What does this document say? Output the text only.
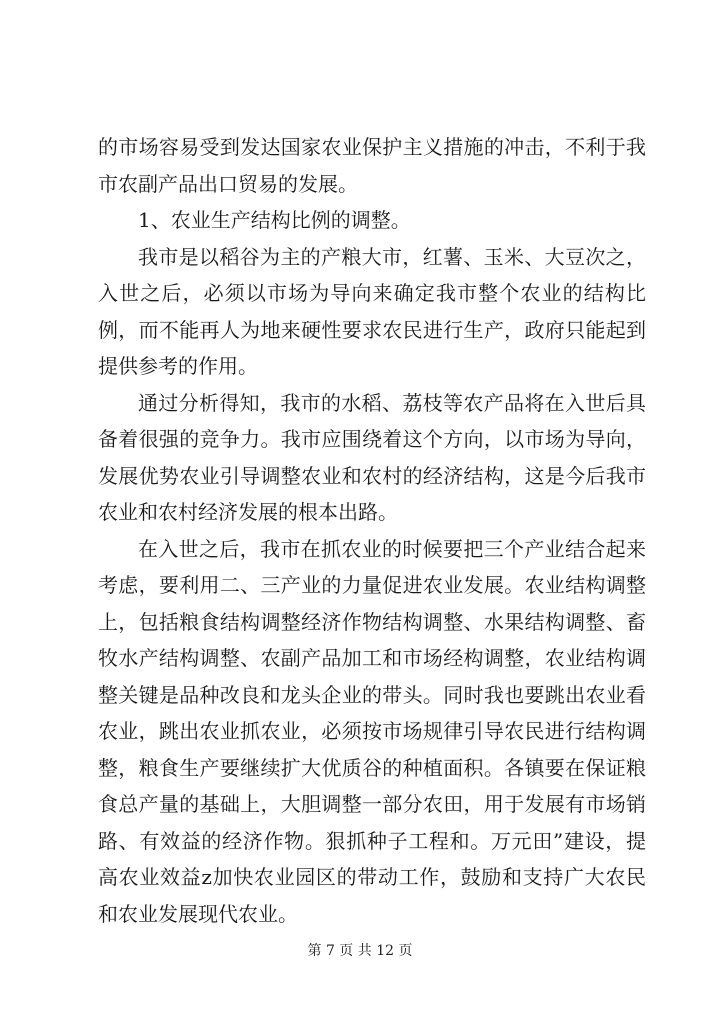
的市场容易受到发达国家农业保护主义措施的冲击，不利于我市农副产品出口贸易的发展。

1、农业生产结构比例的调整。

我市是以稻谷为主的产粮大市，红薯、玉米、大豆次之，入世之后，必须以市场为导向来确定我市整个农业的结构比例，而不能再人为地来硬性要求农民进行生产，政府只能起到提供参考的作用。

通过分析得知，我市的水稻、荔枝等农产品将在入世后具备着很强的竞争力。我市应围绕着这个方向，以市场为导向，发展优势农业引导调整农业和农村的经济结构，这是今后我市农业和农村经济发展的根本出路。

在入世之后，我市在抓农业的时候要把三个产业结合起来考虑，要利用二、三产业的力量促进农业发展。农业结构调整上，包括粮食结构调整经济作物结构调整、水果结构调整、畜牧水产结构调整、农副产品加工和市场经构调整，农业结构调整关键是品种改良和龙头企业的带头。同时我也要跳出农业看农业，跳出农业抓农业，必须按市场规律引导农民进行结构调整，粮食生产要继续扩大优质谷的种植面积。各镇要在保证粮食总产量的基础上，大胆调整一部分农田，用于发展有市场销路、有效益的经济作物。狠抓种子工程和。万元田”建设，提高农业效益z加快农业园区的带动工作，鼓励和支持广大农民和农业发展现代农业。

第 7 页 共 12 页
